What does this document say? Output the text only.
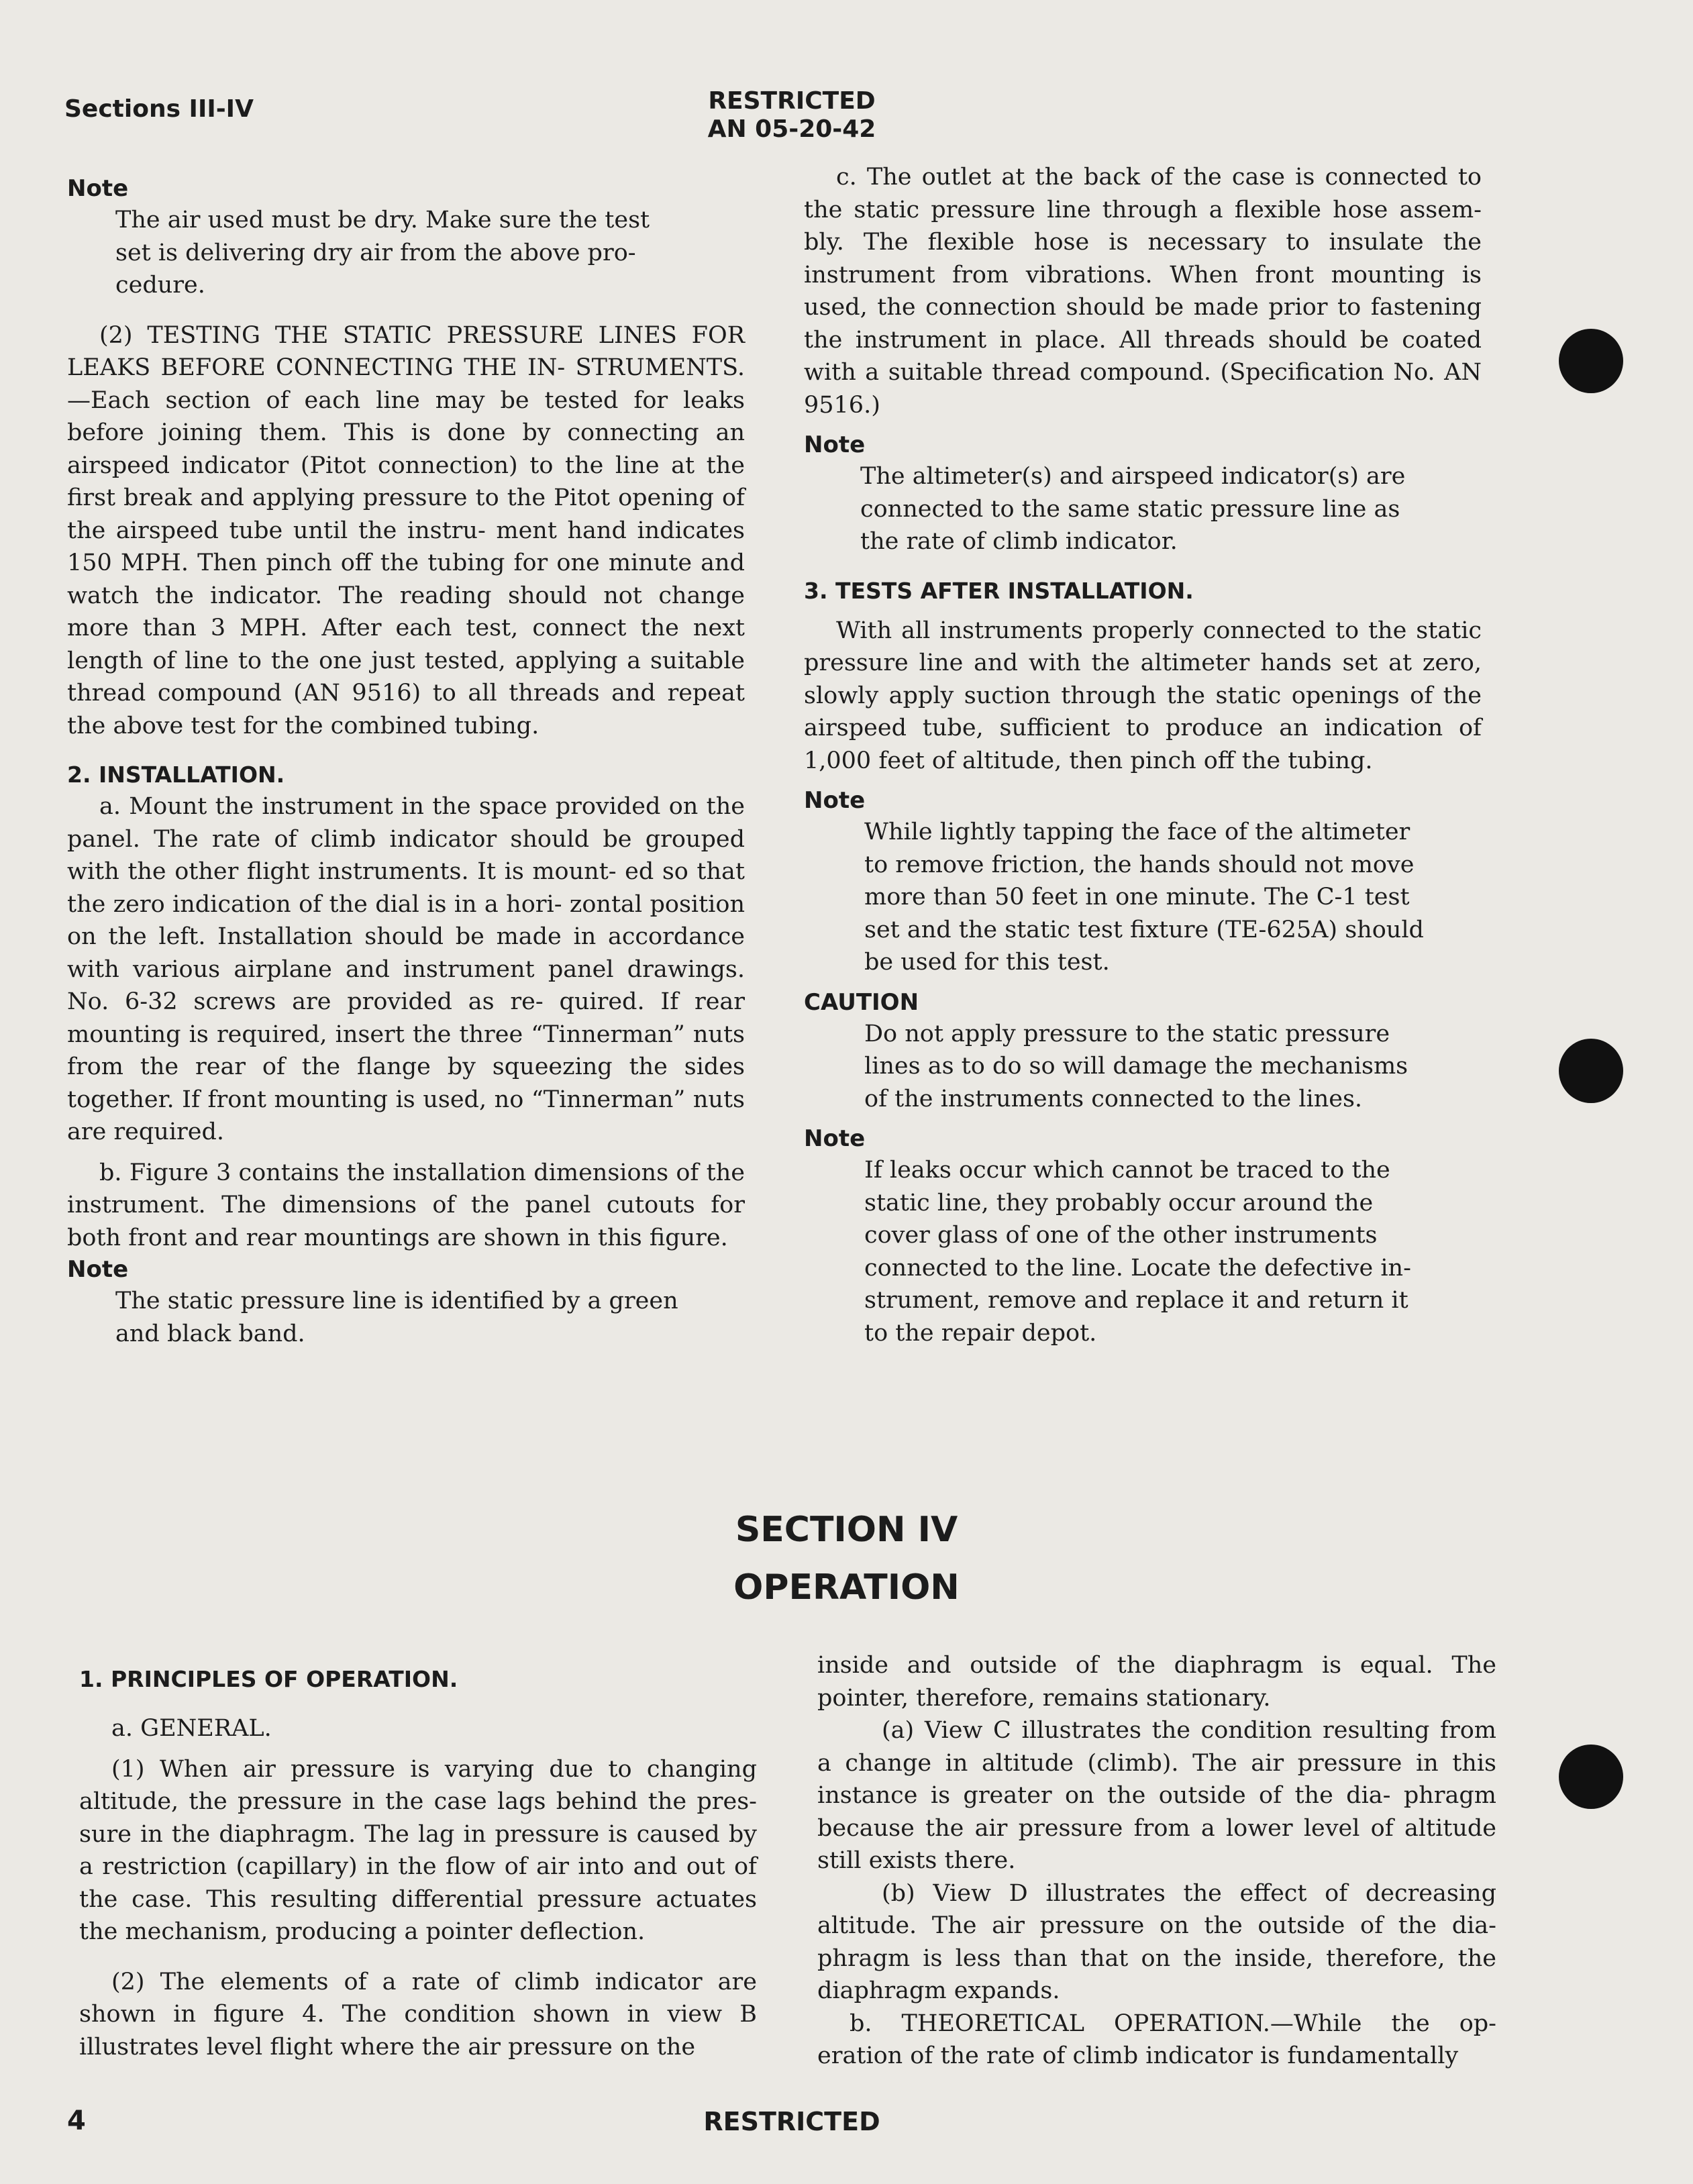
Sections III-IV	RESTRICTED
AN 05-20-42

Note

The air used must be dry. Make sure the test
set is delivering dry air from the above pro-
cedure.

(2) TESTING THE STATIC PRESSURE LINES FOR LEAKS BEFORE CONNECTING THE IN- STRUMENTS.—Each section of each line may be tested for leaks before joining them. This is done by connecting an airspeed indicator (Pitot connection) to the line at the first break and applying pressure to the Pitot opening of the airspeed tube until the instru- ment hand indicates 150 MPH. Then pinch off the tubing for one minute and watch the indicator. The reading should not change more than 3 MPH. After each test, connect the next length of line to the one just tested, applying a suitable thread compound (AN 9516) to all threads and repeat the above test for the combined tubing.

2. INSTALLATION.

a. Mount the instrument in the space provided on the panel. The rate of climb indicator should be grouped with the other flight instruments. It is mount- ed so that the zero indication of the dial is in a hori- zontal position on the left. Installation should be made in accordance with various airplane and instrument panel drawings. No. 6-32 screws are provided as re- quired. If rear mounting is required, insert the three “Tinnerman” nuts from the rear of the flange by squeezing the sides together. If front mounting is used, no “Tinnerman” nuts are required.

b. Figure 3 contains the installation dimensions of the instrument. The dimensions of the panel cutouts for both front and rear mountings are shown in this figure.

Note

The static pressure line is identified by a green
and black band.

c. The outlet at the back of the case is connected to the static pressure line through a flexible hose assem- bly. The flexible hose is necessary to insulate the instrument from vibrations. When front mounting is used, the connection should be made prior to fastening the instrument in place. All threads should be coated with a suitable thread compound. (Specification No. AN 9516.)

Note

The altimeter(s) and airspeed indicator(s) are
connected to the same static pressure line as
the rate of climb indicator.

3. TESTS AFTER INSTALLATION.

With all instruments properly connected to the static pressure line and with the altimeter hands set at zero, slowly apply suction through the static openings of the airspeed tube, sufficient to produce an indication of 1,000 feet of altitude, then pinch off the tubing.

Note

While lightly tapping the face of the altimeter
to remove friction, the hands should not move
more than 50 feet in one minute. The C-1 test
set and the static test fixture (TE-625A) should
be used for this test.

CAUTION

Do not apply pressure to the static pressure
lines as to do so will damage the mechanisms
of the instruments connected to the lines.

Note

If leaks occur which cannot be traced to the
static line, they probably occur around the
cover glass of one of the other instruments
connected to the line. Locate the defective in-
strument, remove and replace it and return it
to the repair depot.

SECTION IV
OPERATION

1. PRINCIPLES OF OPERATION.

a. GENERAL.

(1) When air pressure is varying due to changing altitude, the pressure in the case lags behind the pres- sure in the diaphragm. The lag in pressure is caused by a restriction (capillary) in the flow of air into and out of the case. This resulting differential pressure actuates the mechanism, producing a pointer deflection.

(2) The elements of a rate of climb indicator are shown in figure 4. The condition shown in view B illustrates level flight where the air pressure on the

inside and outside of the diaphragm is equal. The pointer, therefore, remains stationary.

(a) View C illustrates the condition resulting from a change in altitude (climb). The air pressure in this instance is greater on the outside of the dia- phragm because the air pressure from a lower level of altitude still exists there.

(b) View D illustrates the effect of decreasing altitude. The air pressure on the outside of the dia- phragm is less than that on the inside, therefore, the diaphragm expands.

b. THEORETICAL OPERATION.—While the op- eration of the rate of climb indicator is fundamentally

4	RESTRICTED
